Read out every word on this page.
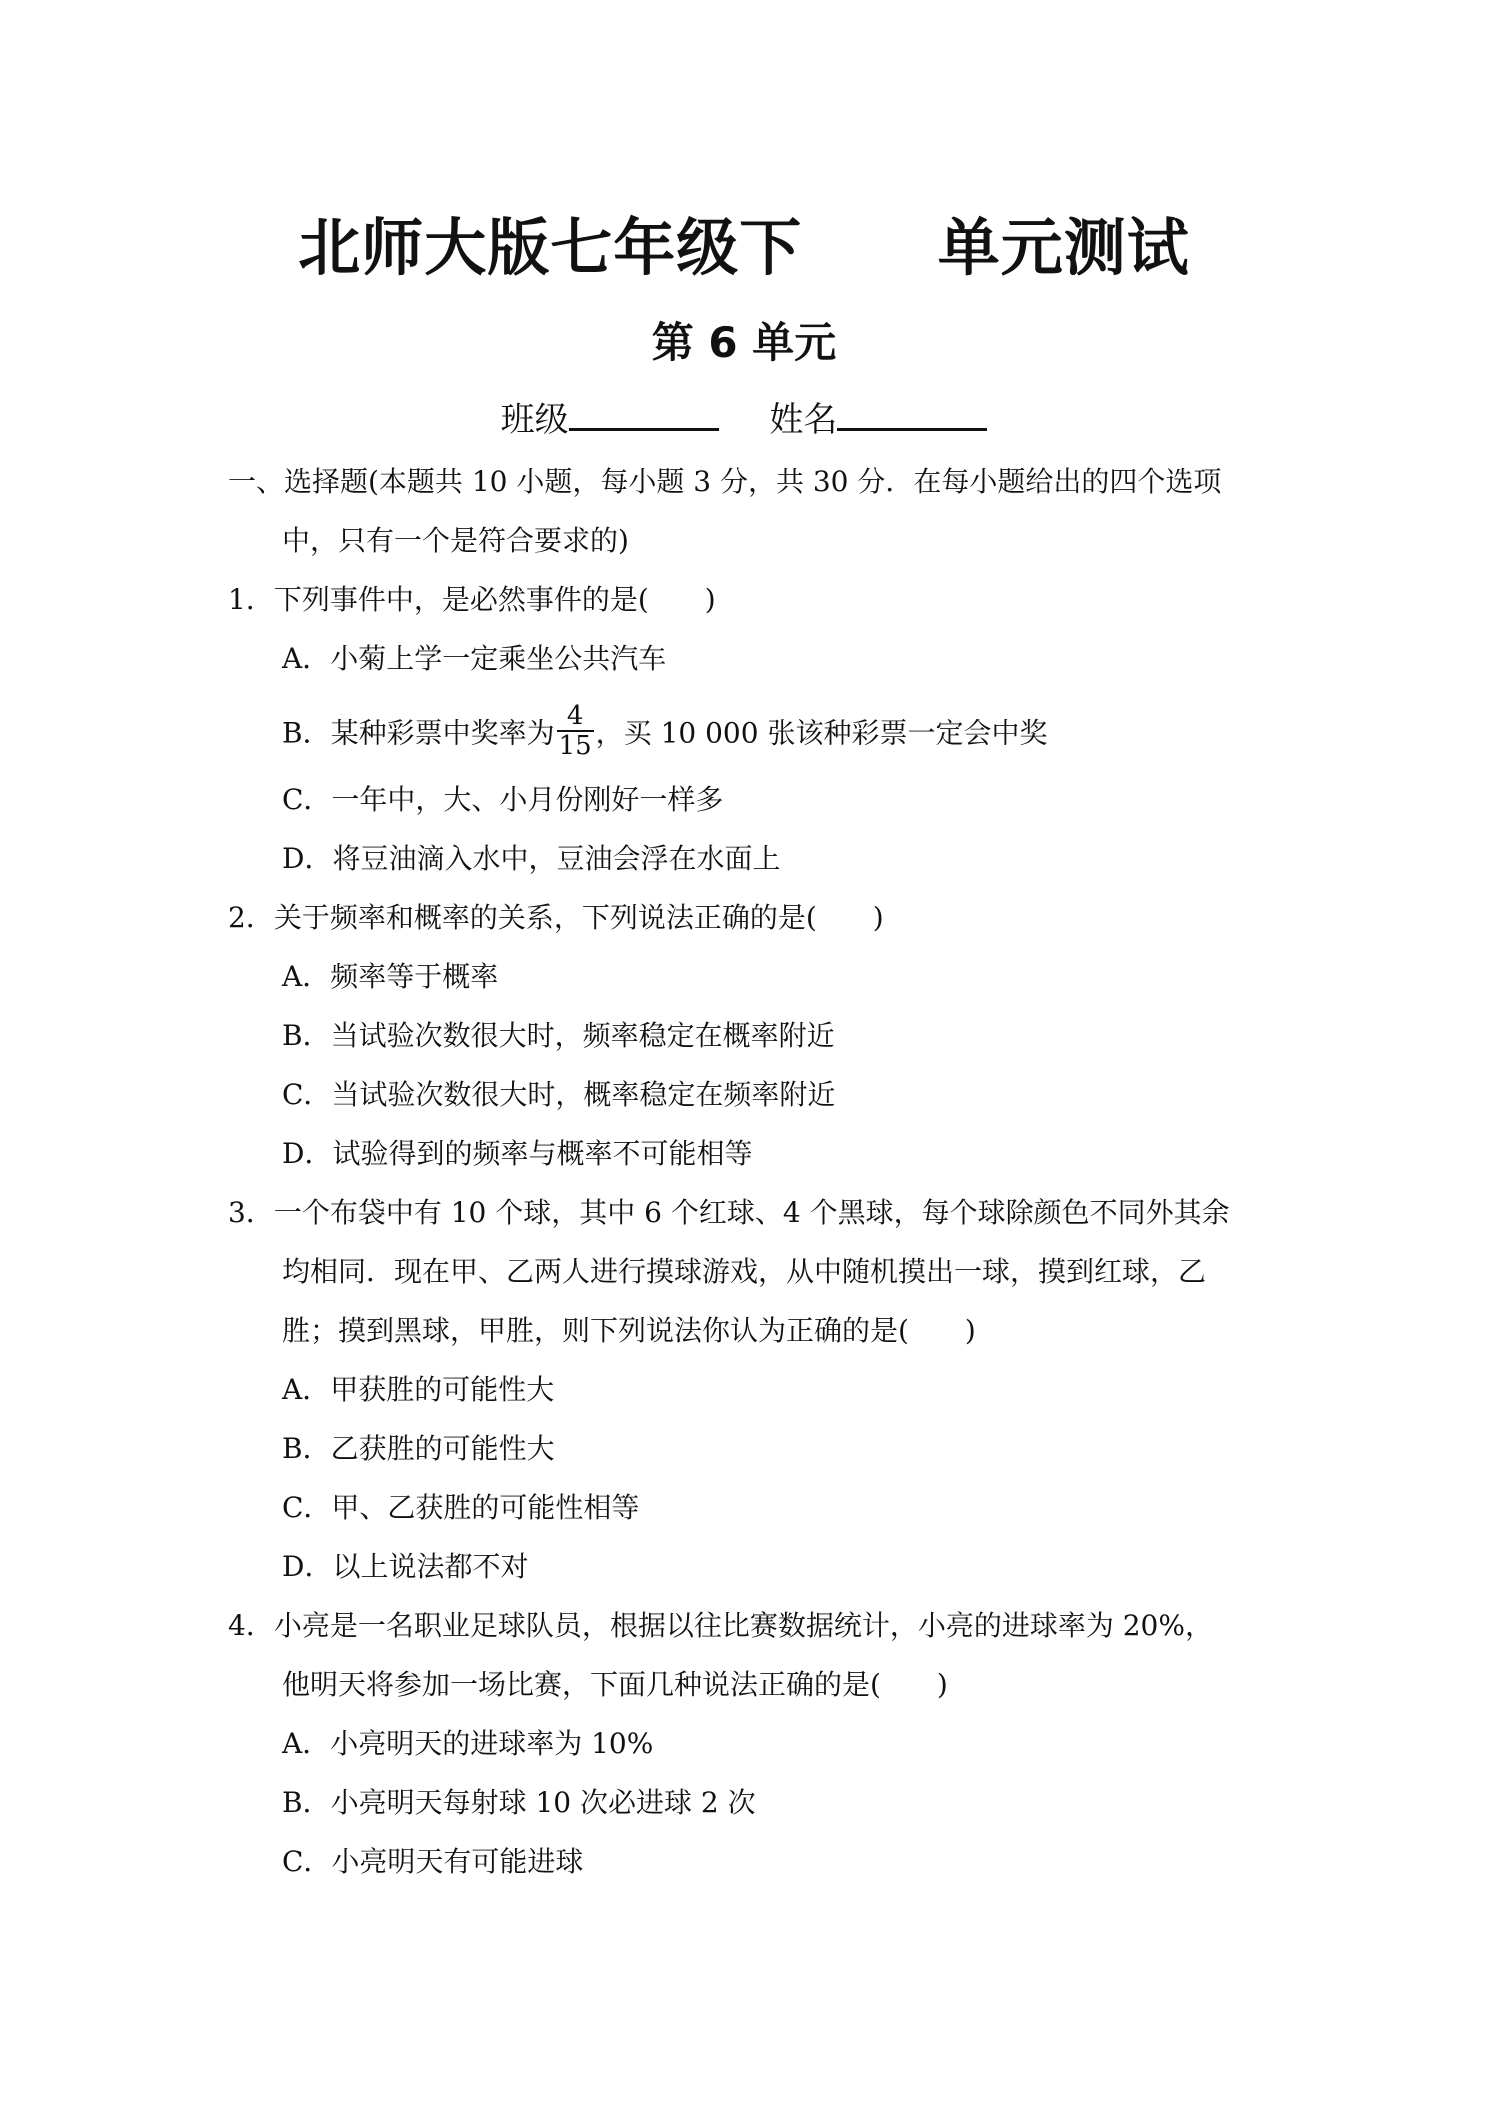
北师大版七年级下      单元测试
第 6 单元
班级	姓名
一、选择题(本题共 10 小题，每小题 3 分，共 30 分．在每小题给出的四个选项
中，只有一个是符合要求的)
1．下列事件中，是必然事件的是(　　)
A．小菊上学一定乘坐公共汽车
B．某种彩票中奖率为 $\frac{4}{15}$ ，买 10 000 张该种彩票一定会中奖
C．一年中，大、小月份刚好一样多
D．将豆油滴入水中，豆油会浮在水面上
2．关于频率和概率的关系，下列说法正确的是(　　)
A．频率等于概率
B．当试验次数很大时，频率稳定在概率附近
C．当试验次数很大时，概率稳定在频率附近
D．试验得到的频率与概率不可能相等
3．一个布袋中有 10 个球，其中 6 个红球、4 个黑球，每个球除颜色不同外其余
均相同．现在甲、乙两人进行摸球游戏，从中随机摸出一球，摸到红球，乙
胜；摸到黑球，甲胜，则下列说法你认为正确的是(　　)
A．甲获胜的可能性大
B．乙获胜的可能性大
C．甲、乙获胜的可能性相等
D．以上说法都不对
4．小亮是一名职业足球队员，根据以往比赛数据统计，小亮的进球率为 20%，
他明天将参加一场比赛，下面几种说法正确的是(　　)
A．小亮明天的进球率为 10%
B．小亮明天每射球 10 次必进球 2 次
C．小亮明天有可能进球
